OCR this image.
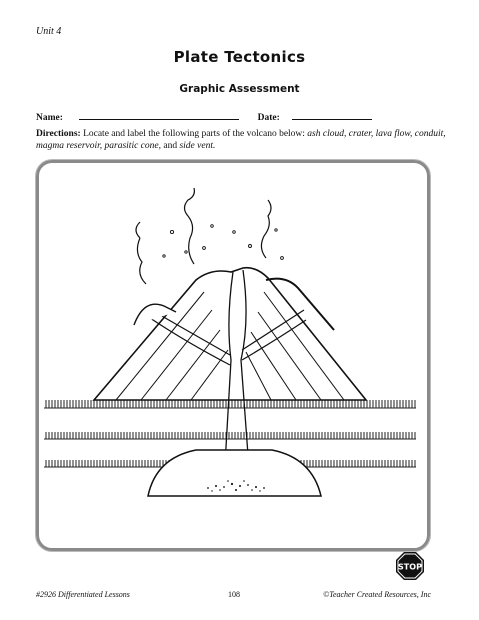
Unit 4
Plate Tectonics
Graphic Assessment
Name:	Date:
Directions: Locate and label the following parts of the volcano below: ash cloud, crater, lava flow, conduit, magma reservoir, parasitic cone, and side vent.
STOP
#2926 Differentiated Lessons	108	©Teacher Created Resources, Inc
